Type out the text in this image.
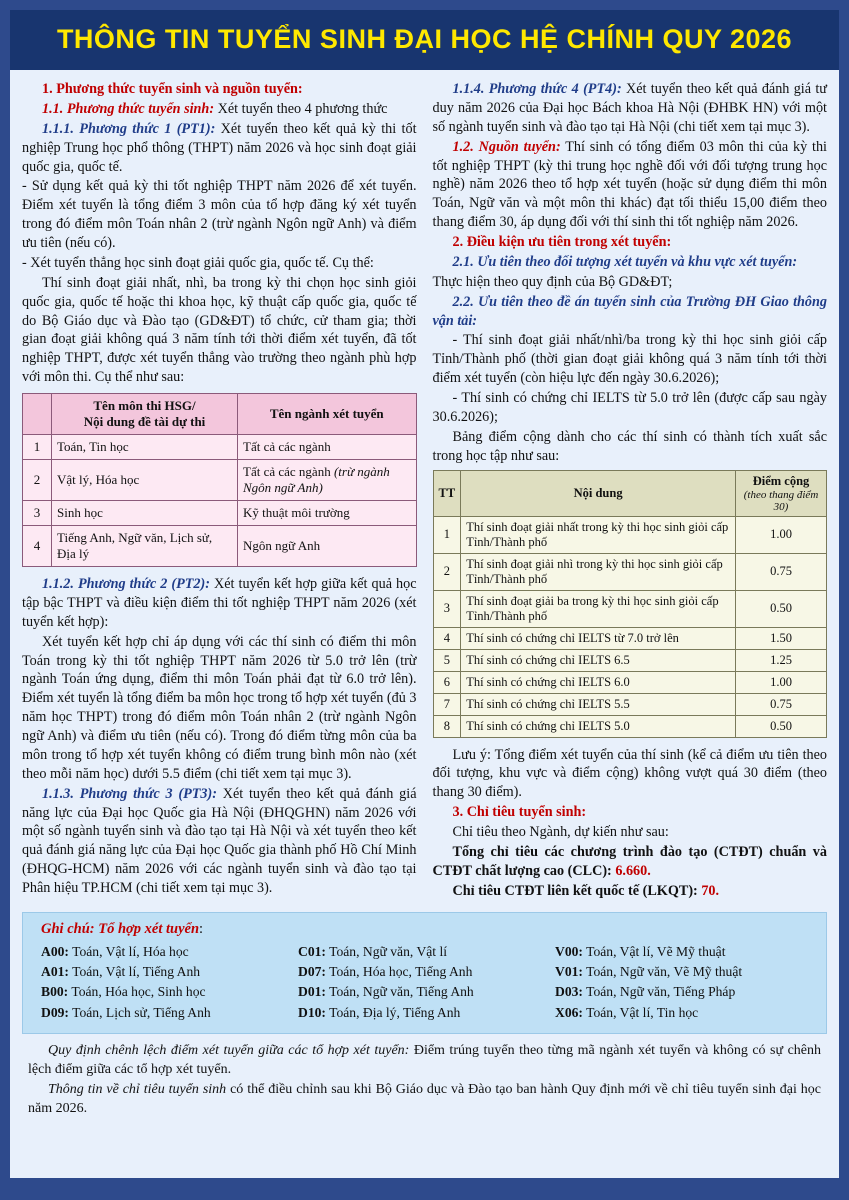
THÔNG TIN TUYỂN SINH ĐẠI HỌC HỆ CHÍNH QUY 2026

1. Phương thức tuyển sinh và nguồn tuyển:

1.1. Phương thức tuyển sinh: Xét tuyển theo 4 phương thức

1.1.1. Phương thức 1 (PT1): Xét tuyển theo kết quả kỳ thi tốt nghiệp Trung học phổ thông (THPT) năm 2026 và học sinh đoạt giải quốc gia, quốc tế.

- Sử dụng kết quả kỳ thi tốt nghiệp THPT năm 2026 để xét tuyển. Điểm xét tuyển là tổng điểm 3 môn của tổ hợp đăng ký xét tuyển trong đó điểm môn Toán nhân 2 (trừ ngành Ngôn ngữ Anh) và điểm ưu tiên (nếu có).

- Xét tuyển thẳng học sinh đoạt giải quốc gia, quốc tế. Cụ thể:

Thí sinh đoạt giải nhất, nhì, ba trong kỳ thi chọn học sinh giỏi quốc gia, quốc tế hoặc thi khoa học, kỹ thuật cấp quốc gia, quốc tế do Bộ Giáo dục và Đào tạo (GD&ĐT) tổ chức, cử tham gia; thời gian đoạt giải không quá 3 năm tính tới thời điểm xét tuyển, đã tốt nghiệp THPT, được xét tuyển thẳng vào trường theo ngành phù hợp với môn thi. Cụ thể như sau:

	Tên môn thi HSG/
Nội dung đề tài dự thi	Tên ngành xét tuyển
1	Toán, Tin học	Tất cả các ngành
2	Vật lý, Hóa học	Tất cả các ngành (trừ ngành Ngôn ngữ Anh)
3	Sinh học	Kỹ thuật môi trường
4	Tiếng Anh, Ngữ văn, Lịch sử, Địa lý	Ngôn ngữ Anh

1.1.2. Phương thức 2 (PT2): Xét tuyển kết hợp giữa kết quả học tập bậc THPT và điều kiện điểm thi tốt nghiệp THPT năm 2026 (xét tuyển kết hợp):

Xét tuyển kết hợp chỉ áp dụng với các thí sinh có điểm thi môn Toán trong kỳ thi tốt nghiệp THPT năm 2026 từ 5.0 trở lên (trừ ngành Toán ứng dụng, điểm thi môn Toán phải đạt từ 6.0 trở lên). Điểm xét tuyển là tổng điểm ba môn học trong tổ hợp xét tuyển (đủ 3 năm học THPT) trong đó điểm môn Toán nhân 2 (trừ ngành Ngôn ngữ Anh) và điểm ưu tiên (nếu có). Trong đó điểm từng môn của ba môn trong tổ hợp xét tuyển không có điểm trung bình môn nào (xét theo mỗi năm học) dưới 5.5 điểm (chi tiết xem tại mục 3).

1.1.3. Phương thức 3 (PT3): Xét tuyển theo kết quả đánh giá năng lực của Đại học Quốc gia Hà Nội (ĐHQGHN) năm 2026 với một số ngành tuyển sinh và đào tạo tại Hà Nội và xét tuyển theo kết quả đánh giá năng lực của Đại học Quốc gia thành phố Hồ Chí Minh (ĐHQG-HCM) năm 2026 với các ngành tuyển sinh và đào tạo tại Phân hiệu TP.HCM (chi tiết xem tại mục 3).

1.1.4. Phương thức 4 (PT4): Xét tuyển theo kết quả đánh giá tư duy năm 2026 của Đại học Bách khoa Hà Nội (ĐHBK HN) với một số ngành tuyển sinh và đào tạo tại Hà Nội (chi tiết xem tại mục 3).

1.2. Nguồn tuyển: Thí sinh có tổng điểm 03 môn thi của kỳ thi tốt nghiệp THPT (kỳ thi trung học nghề đối với đối tượng trung học nghề) năm 2026 theo tổ hợp xét tuyển (hoặc sử dụng điểm thi môn Toán, Ngữ văn và một môn thi khác) đạt tối thiểu 15,00 điểm theo thang điểm 30, áp dụng đối với thí sinh thi tốt nghiệp năm 2026.

2. Điều kiện ưu tiên trong xét tuyển:

2.1. Ưu tiên theo đối tượng xét tuyển và khu vực xét tuyển:

Thực hiện theo quy định của Bộ GD&ĐT;

2.2. Ưu tiên theo đề án tuyển sinh của Trường ĐH Giao thông vận tải:

- Thí sinh đoạt giải nhất/nhì/ba trong kỳ thi học sinh giỏi cấp Tỉnh/Thành phố (thời gian đoạt giải không quá 3 năm tính tới thời điểm xét tuyển (còn hiệu lực đến ngày 30.6.2026);

- Thí sinh có chứng chỉ IELTS từ 5.0 trở lên (được cấp sau ngày 30.6.2026);

Bảng điểm cộng dành cho các thí sinh có thành tích xuất sắc trong học tập như sau:

TT	Nội dung	Điểm cộng
(theo thang điểm 30)

1	Thí sinh đoạt giải nhất trong kỳ thi học sinh giỏi cấp Tỉnh/Thành phố	1.00
2	Thí sinh đoạt giải nhì trong kỳ thi học sinh giỏi cấp Tỉnh/Thành phố	0.75
3	Thí sinh đoạt giải ba trong kỳ thi học sinh giỏi cấp Tỉnh/Thành phố	0.50
4	Thí sinh có chứng chỉ IELTS từ 7.0 trở lên	1.50
5	Thí sinh có chứng chỉ IELTS 6.5	1.25
6	Thí sinh có chứng chỉ IELTS 6.0	1.00
7	Thí sinh có chứng chỉ IELTS 5.5	0.75
8	Thí sinh có chứng chỉ IELTS 5.0	0.50

Lưu ý: Tổng điểm xét tuyển của thí sinh (kể cả điểm ưu tiên theo đối tượng, khu vực và điểm cộng) không vượt quá 30 điểm (theo thang 30 điểm).

3. Chỉ tiêu tuyển sinh:

Chỉ tiêu theo Ngành, dự kiến như sau:

Tổng chỉ tiêu các chương trình đào tạo (CTĐT) chuẩn và CTĐT chất lượng cao (CLC): 6.660.

Chỉ tiêu CTĐT liên kết quốc tế (LKQT): 70.

Ghi chú: Tổ hợp xét tuyển:
A00: Toán, Vật lí, Hóa học
A01: Toán, Vật lí, Tiếng Anh
B00: Toán, Hóa học, Sinh học
D09: Toán, Lịch sử, Tiếng Anh
C01: Toán, Ngữ văn, Vật lí
D07: Toán, Hóa học, Tiếng Anh
D01: Toán, Ngữ văn, Tiếng Anh
D10: Toán, Địa lý, Tiếng Anh
V00: Toán, Vật lí, Vẽ Mỹ thuật
V01: Toán, Ngữ văn, Vẽ Mỹ thuật
D03: Toán, Ngữ văn, Tiếng Pháp
X06: Toán, Vật lí, Tin học

Quy định chênh lệch điểm xét tuyển giữa các tổ hợp xét tuyển: Điểm trúng tuyển theo từng mã ngành xét tuyển và không có sự chênh lệch điểm giữa các tổ hợp xét tuyển.

Thông tin về chỉ tiêu tuyển sinh có thể điều chỉnh sau khi Bộ Giáo dục và Đào tạo ban hành Quy định mới về chỉ tiêu tuyển sinh đại học năm 2026.
